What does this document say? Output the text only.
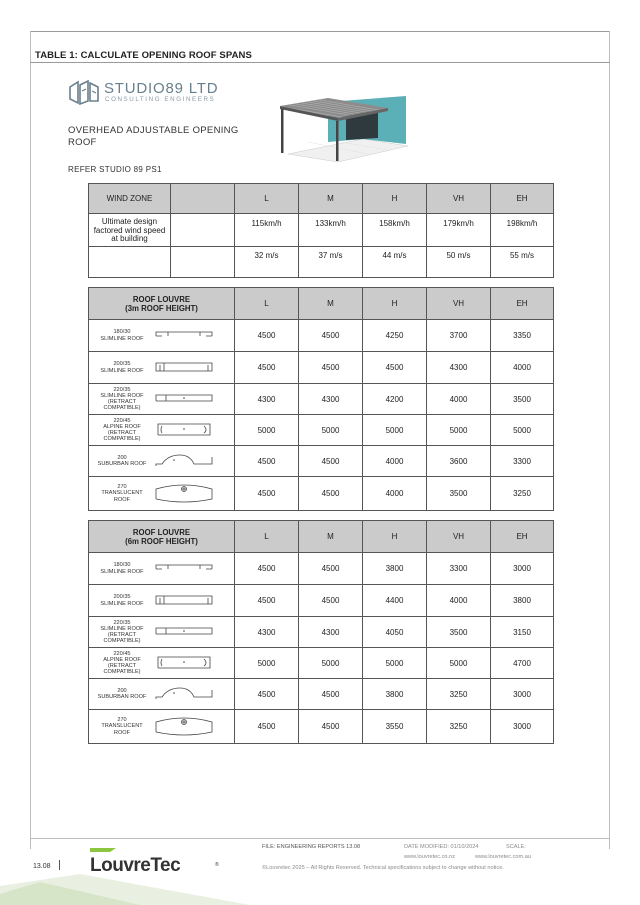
TABLE 1: CALCULATE OPENING ROOF SPANS
STUDIO89 LTD
CONSULTING ENGINEERS
OVERHEAD ADJUSTABLE OPENING ROOF
REFER STUDIO 89 PS1
WIND ZONE		L	M	H	VH	EH

Ultimate design factored wind speed at building		115km/h	133km/h	158km/h	179km/h	198km/h
		32 m/s	37 m/s	44 m/s	50 m/s	55 m/s
ROOF LOUVRE
(3m ROOF HEIGHT)	L	M	H	VH	EH
180/30
SLIMLINE ROOF	4500	4500	4250	3700	3350
200/35
SLIMLINE ROOF	4500	4500	4500	4300	4000
220/35
SLIMLINE ROOF
(RETRACT COMPATIBLE)	4300	4300	4200	4000	3500
220/45
ALPINE ROOF
(RETRACT COMPATIBLE)	5000	5000	5000	5000	5000
200
SUBURBAN ROOF	4500	4500	4000	3600	3300
270
TRANSLUCENT
ROOF	4500	4500	4000	3500	3250
ROOF LOUVRE
(6m ROOF HEIGHT)	L	M	H	VH	EH
180/30
SLIMLINE ROOF	4500	4500	3800	3300	3000
200/35
SLIMLINE ROOF	4500	4500	4400	4000	3800
220/35
SLIMLINE ROOF
(RETRACT COMPATIBLE)	4300	4300	4050	3500	3150
220/45
ALPINE ROOF
(RETRACT COMPATIBLE)	5000	5000	5000	5000	4700
200
SUBURBAN ROOF	4500	4500	3800	3250	3000
270
TRANSLUCENT
ROOF	4500	4500	3550	3250	3000
13.08 LouvreTec	®
FILE: ENGINEERING REPORTS 13.08	DATE MODIFIED: 01/10/2024	SCALE:
www.louvretec.co.nz	www.louvretec.com.au
©Louvretec 2025 – All Rights Reserved. Technical specifications subject to change without notice.
